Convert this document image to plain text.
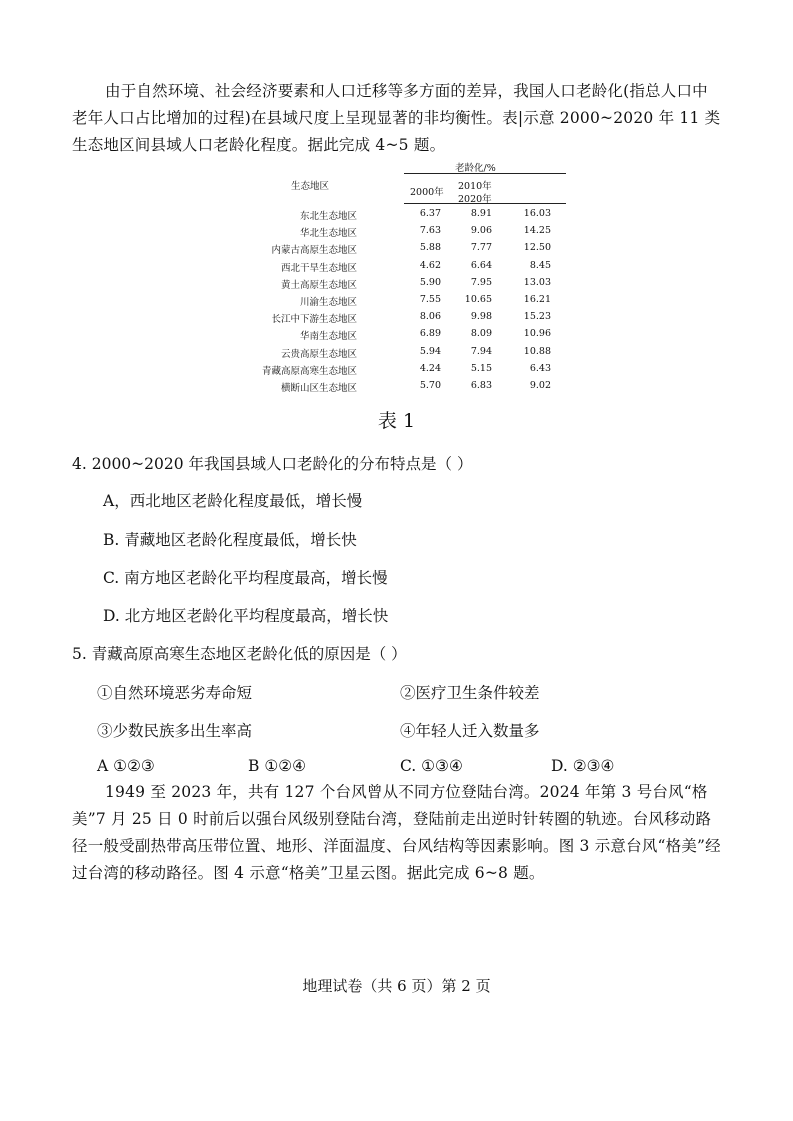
由于自然环境、社会经济要素和人口迁移等多方面的差异，我国人口老龄化(指总人口中老年人口占比增加的过程)在县域尺度上呈现显著的非均衡性。表|示意 2000~2020 年 11 类生态地区间县域人口老龄化程度。据此完成 4~5 题。
老龄化/%
生态地区
2000年
2010年
2020年
东北生态地区	6.37	8.91	16.03
华北生态地区	7.63	9.06	14.25
内蒙古高原生态地区	5.88	7.77	12.50
西北干旱生态地区	4.62	6.64	8.45
黄土高原生态地区	5.90	7.95	13.03
川渝生态地区	7.55	10.65	16.21
长江中下游生态地区	8.06	9.98	15.23
华南生态地区	6.89	8.09	10.96
云贵高原生态地区	5.94	7.94	10.88
青藏高原高寒生态地区	4.24	5.15	6.43
横断山区生态地区	5.70	6.83	9.02
表 1
4. 2000~2020 年我国县域人口老龄化的分布特点是（ ）
A，西北地区老龄化程度最低，增长慢
B. 青藏地区老龄化程度最低，增长快
C. 南方地区老龄化平均程度最高，增长慢
D. 北方地区老龄化平均程度最高，增长快
5. 青藏高原高寒生态地区老龄化低的原因是（ ）
①自然环境恶劣寿命短	②医疗卫生条件较差
③少数民族多出生率高	④年轻人迁入数量多
A ①②③	B ①②④	C. ①③④	D. ②③④
1949 至 2023 年，共有 127 个台风曾从不同方位登陆台湾。2024 年第 3 号台风“格美”7 月 25 日 0 时前后以强台风级别登陆台湾，登陆前走出逆时针转圈的轨迹。台风移动路径一般受副热带高压带位置、地形、洋面温度、台风结构等因素影响。图 3 示意台风“格美”经过台湾的移动路径。图 4 示意“格美”卫星云图。据此完成 6~8 题。
地理试卷（共 6 页）第 2 页
